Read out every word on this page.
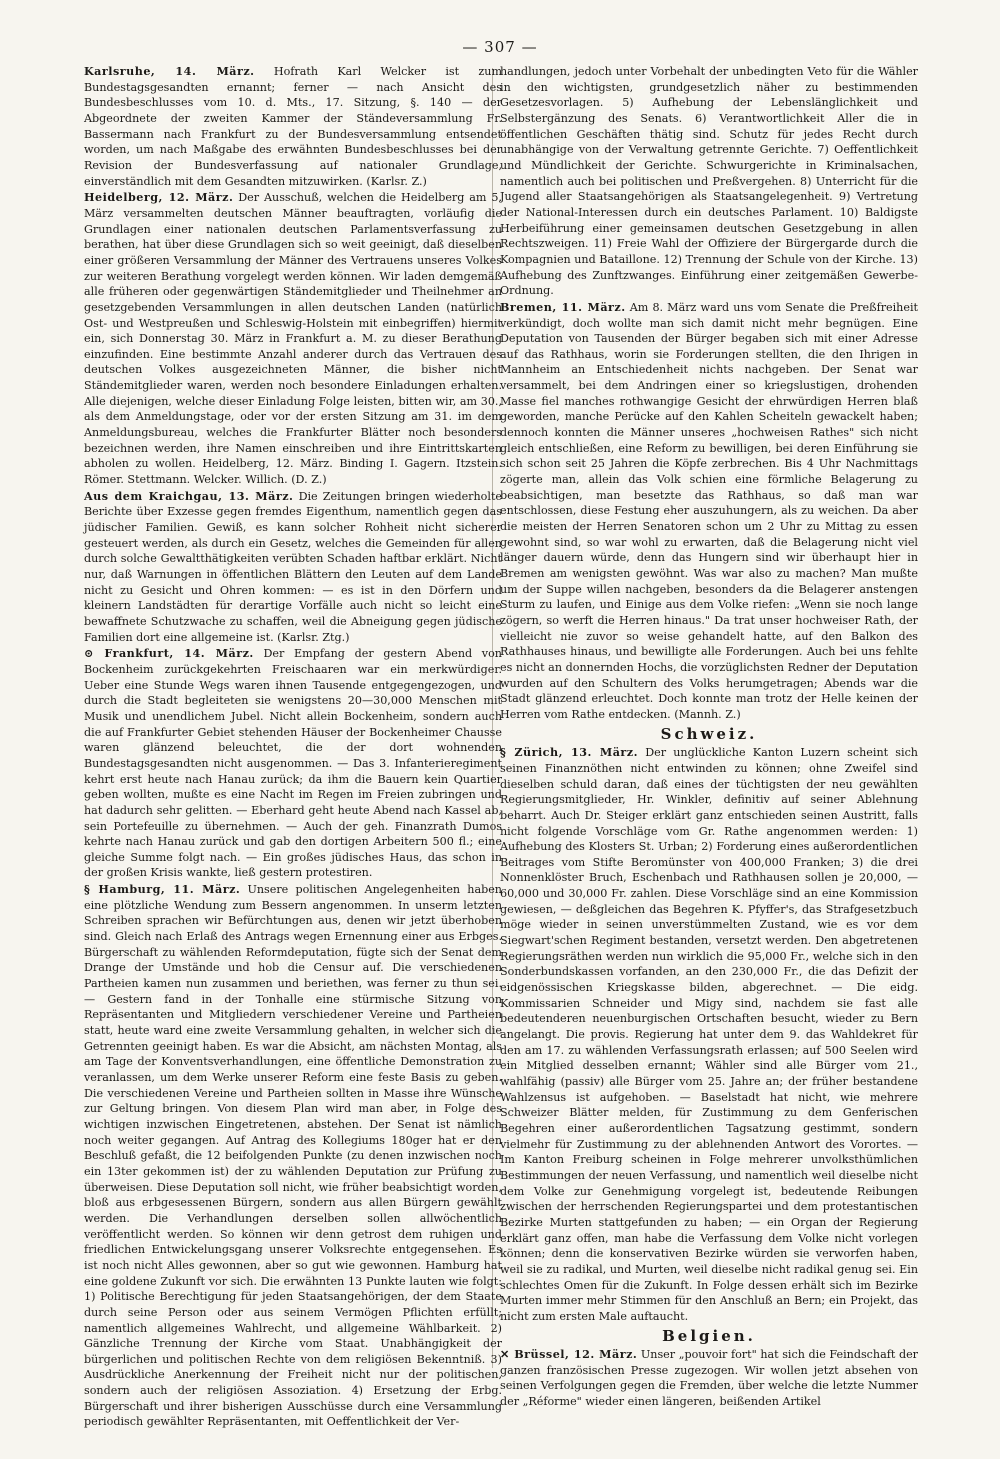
— 307 —

Karlsruhe, 14. März. Hofrath Karl Welcker ist zum Bundestagsgesandten ernannt; ferner — nach Ansicht des Bundesbeschlusses vom 10. d. Mts., 17. Sitzung, §. 140 — der Abgeordnete der zweiten Kammer der Ständeversammlung Fr. Bassermann nach Frankfurt zu der Bundesversammlung entsendet worden, um nach Maßgabe des erwähnten Bundesbeschlusses bei der Revision der Bundesverfassung auf nationaler Grundlage, einverständlich mit dem Gesandten mitzuwirken. (Karlsr. Z.)

Heidelberg, 12. März. Der Ausschuß, welchen die Heidelberg am 5. März versammelten deutschen Männer beauftragten, vorläufig die Grundlagen einer nationalen deutschen Parlamentsverfassung zu berathen, hat über diese Grundlagen sich so weit geeinigt, daß dieselben einer größeren Versammlung der Männer des Vertrauens unseres Volkes zur weiteren Berathung vorgelegt werden können. Wir laden demgemäß alle früheren oder gegenwärtigen Ständemitglieder und Theilnehmer an gesetzgebenden Versammlungen in allen deutschen Landen (natürlich Ost- und Westpreußen und Schleswig-Holstein mit einbegriffen) hiermit ein, sich Donnerstag 30. März in Frankfurt a. M. zu dieser Berathung einzufinden. Eine bestimmte Anzahl anderer durch das Vertrauen des deutschen Volkes ausgezeichneten Männer, die bisher nicht Ständemitglieder waren, werden noch besondere Einladungen erhalten. Alle diejenigen, welche dieser Einladung Folge leisten, bitten wir, am 30., als dem Anmeldungstage, oder vor der ersten Sitzung am 31. im dem Anmeldungsbureau, welches die Frankfurter Blätter noch besonders bezeichnen werden, ihre Namen einschreiben und ihre Eintrittskarten abholen zu wollen. Heidelberg, 12. März. Binding I. Gagern. Itzstein. Römer. Stettmann. Welcker. Willich. (D. Z.)

Aus dem Kraichgau, 13. März. Die Zeitungen bringen wiederholte Berichte über Exzesse gegen fremdes Eigenthum, namentlich gegen das jüdischer Familien. Gewiß, es kann solcher Rohheit nicht sicherer gesteuert werden, als durch ein Gesetz, welches die Gemeinden für allen durch solche Gewaltthätigkeiten verübten Schaden haftbar erklärt. Nicht nur, daß Warnungen in öffentlichen Blättern den Leuten auf dem Lande nicht zu Gesicht und Ohren kommen: — es ist in den Dörfern und kleinern Landstädten für derartige Vorfälle auch nicht so leicht eine bewaffnete Schutzwache zu schaffen, weil die Abneigung gegen jüdische Familien dort eine allgemeine ist. (Karlsr. Ztg.)

⊙ Frankfurt, 14. März. Der Empfang der gestern Abend von Bockenheim zurückgekehrten Freischaaren war ein merkwürdiger. Ueber eine Stunde Wegs waren ihnen Tausende entgegengezogen, und durch die Stadt begleiteten sie wenigstens 20—30,000 Menschen mit Musik und unendlichem Jubel. Nicht allein Bockenheim, sondern auch die auf Frankfurter Gebiet stehenden Häuser der Bockenheimer Chausse waren glänzend beleuchtet, die der dort wohnenden Bundestagsgesandten nicht ausgenommen. — Das 3. Infanterieregiment kehrt erst heute nach Hanau zurück; da ihm die Bauern kein Quartier geben wollten, mußte es eine Nacht im Regen im Freien zubringen und hat dadurch sehr gelitten. — Eberhard geht heute Abend nach Kassel ab, sein Portefeuille zu übernehmen. — Auch der geh. Finanzrath Dumos kehrte nach Hanau zurück und gab den dortigen Arbeitern 500 fl.; eine gleiche Summe folgt nach. — Ein großes jüdisches Haus, das schon in der großen Krisis wankte, ließ gestern protestiren.

§ Hamburg, 11. März. Unsere politischen Angelegenheiten haben eine plötzliche Wendung zum Bessern angenommen. In unserm letzten Schreiben sprachen wir Befürchtungen aus, denen wir jetzt überhoben sind. Gleich nach Erlaß des Antrags wegen Ernennung einer aus Erbges. Bürgerschaft zu wählenden Reformdeputation, fügte sich der Senat dem Drange der Umstände und hob die Censur auf. Die verschiedenen Partheien kamen nun zusammen und beriethen, was ferner zu thun sei. — Gestern fand in der Tonhalle eine stürmische Sitzung von Repräsentanten und Mitgliedern verschiedener Vereine und Partheien statt, heute ward eine zweite Versammlung gehalten, in welcher sich die Getrennten geeinigt haben. Es war die Absicht, am nächsten Montag, als am Tage der Konventsverhandlungen, eine öffentliche Demonstration zu veranlassen, um dem Werke unserer Reform eine feste Basis zu geben. Die verschiedenen Vereine und Partheien sollten in Masse ihre Wünsche zur Geltung bringen. Von diesem Plan wird man aber, in Folge des wichtigen inzwischen Eingetretenen, abstehen. Der Senat ist nämlich noch weiter gegangen. Auf Antrag des Kollegiums 180ger hat er den Beschluß gefaßt, die 12 beifolgenden Punkte (zu denen inzwischen noch ein 13ter gekommen ist) der zu wählenden Deputation zur Prüfung zu überweisen. Diese Deputation soll nicht, wie früher beabsichtigt worden, bloß aus erbgesessenen Bürgern, sondern aus allen Bürgern gewählt werden. Die Verhandlungen derselben sollen allwöchentlich veröffentlicht werden. So können wir denn getrost dem ruhigen und friedlichen Entwickelungsgang unserer Volksrechte entgegensehen. Es ist noch nicht Alles gewonnen, aber so gut wie gewonnen. Hamburg hat eine goldene Zukunft vor sich. Die erwähnten 13 Punkte lauten wie folgt: 1) Politische Berechtigung für jeden Staatsangehörigen, der dem Staate durch seine Person oder aus seinem Vermögen Pflichten erfüllt; namentlich allgemeines Wahlrecht, und allgemeine Wählbarkeit. 2) Gänzliche Trennung der Kirche vom Staat. Unabhängigkeit der bürgerlichen und politischen Rechte von dem religiösen Bekenntniß. 3) Ausdrückliche Anerkennung der Freiheit nicht nur der politischen, sondern auch der religiösen Assoziation. 4) Ersetzung der Erbg. Bürgerschaft und ihrer bisherigen Ausschüsse durch eine Versammlung periodisch gewählter Repräsentanten, mit Oeffentlichkeit der Ver-

handlungen, jedoch unter Vorbehalt der unbedingten Veto für die Wähler in den wichtigsten, grundgesetzlich näher zu bestimmenden Gesetzesvorlagen. 5) Aufhebung der Lebenslänglichkeit und Selbstergänzung des Senats. 6) Verantwortlichkeit Aller die in öffentlichen Geschäften thätig sind. Schutz für jedes Recht durch unabhängige von der Verwaltung getrennte Gerichte. 7) Oeffentlichkeit und Mündlichkeit der Gerichte. Schwurgerichte in Kriminalsachen, namentlich auch bei politischen und Preßvergehen. 8) Unterricht für die Jugend aller Staatsangehörigen als Staatsangelegenheit. 9) Vertretung der National-Interessen durch ein deutsches Parlament. 10) Baldigste Herbeiführung einer gemeinsamen deutschen Gesetzgebung in allen Rechtszweigen. 11) Freie Wahl der Offiziere der Bürgergarde durch die Kompagnien und Bataillone. 12) Trennung der Schule von der Kirche. 13) Aufhebung des Zunftzwanges. Einführung einer zeitgemäßen Gewerbe-Ordnung.

Bremen, 11. März. Am 8. März ward uns vom Senate die Preßfreiheit verkündigt, doch wollte man sich damit nicht mehr begnügen. Eine Deputation von Tausenden der Bürger begaben sich mit einer Adresse auf das Rathhaus, worin sie Forderungen stellten, die den Ihrigen in Mannheim an Entschiedenheit nichts nachgeben. Der Senat war versammelt, bei dem Andringen einer so kriegslustigen, drohenden Masse fiel manches rothwangige Gesicht der ehrwürdigen Herren blaß geworden, manche Perücke auf den Kahlen Scheiteln gewackelt haben; dennoch konnten die Männer unseres „hochweisen Rathes" sich nicht gleich entschließen, eine Reform zu bewilligen, bei deren Einführung sie sich schon seit 25 Jahren die Köpfe zerbrechen. Bis 4 Uhr Nachmittags zögerte man, allein das Volk schien eine förmliche Belagerung zu beabsichtigen, man besetzte das Rathhaus, so daß man war entschlossen, diese Festung eher auszuhungern, als zu weichen. Da aber die meisten der Herren Senatoren schon um 2 Uhr zu Mittag zu essen gewohnt sind, so war wohl zu erwarten, daß die Belagerung nicht viel länger dauern würde, denn das Hungern sind wir überhaupt hier in Bremen am wenigsten gewöhnt. Was war also zu machen? Man mußte um der Suppe willen nachgeben, besonders da die Belagerer anstengen Sturm zu laufen, und Einige aus dem Volke riefen: „Wenn sie noch lange zögern, so werft die Herren hinaus." Da trat unser hochweiser Rath, der vielleicht nie zuvor so weise gehandelt hatte, auf den Balkon des Rathhauses hinaus, und bewilligte alle Forderungen. Auch bei uns fehlte es nicht an donnernden Hochs, die vorzüglichsten Redner der Deputation wurden auf den Schultern des Volks herumgetragen; Abends war die Stadt glänzend erleuchtet. Doch konnte man trotz der Helle keinen der Herren vom Rathe entdecken. (Mannh. Z.)

Schweiz.

§ Zürich, 13. März. Der unglückliche Kanton Luzern scheint sich seinen Finanznöthen nicht entwinden zu können; ohne Zweifel sind dieselben schuld daran, daß eines der tüchtigsten der neu gewählten Regierungsmitglieder, Hr. Winkler, definitiv auf seiner Ablehnung beharrt. Auch Dr. Steiger erklärt ganz entschieden seinen Austritt, falls nicht folgende Vorschläge vom Gr. Rathe angenommen werden: 1) Aufhebung des Klosters St. Urban; 2) Forderung eines außerordentlichen Beitrages vom Stifte Beromünster von 400,000 Franken; 3) die drei Nonnenklöster Bruch, Eschenbach und Rathhausen sollen je 20,000, — 60,000 und 30,000 Fr. zahlen. Diese Vorschläge sind an eine Kommission gewiesen, — deßgleichen das Begehren K. Pfyffer's, das Strafgesetzbuch möge wieder in seinen unverstümmelten Zustand, wie es vor dem Siegwart'schen Regiment bestanden, versetzt werden. Den abgetretenen Regierungsräthen werden nun wirklich die 95,000 Fr., welche sich in den Sonderbundskassen vorfanden, an den 230,000 Fr., die das Defizit der eidgenössischen Kriegskasse bilden, abgerechnet. — Die eidg. Kommissarien Schneider und Migy sind, nachdem sie fast alle bedeutenderen neuenburgischen Ortschaften besucht, wieder zu Bern angelangt. Die provis. Regierung hat unter dem 9. das Wahldekret für den am 17. zu wählenden Verfassungsrath erlassen; auf 500 Seelen wird ein Mitglied desselben ernannt; Wähler sind alle Bürger vom 21., wahlfähig (passiv) alle Bürger vom 25. Jahre an; der früher bestandene Wahlzensus ist aufgehoben. — Baselstadt hat nicht, wie mehrere Schweizer Blätter melden, für Zustimmung zu dem Genferischen Begehren einer außerordentlichen Tagsatzung gestimmt, sondern vielmehr für Zustimmung zu der ablehnenden Antwort des Vorortes. — Im Kanton Freiburg scheinen in Folge mehrerer unvolksthümlichen Bestimmungen der neuen Verfassung, und namentlich weil dieselbe nicht dem Volke zur Genehmigung vorgelegt ist, bedeutende Reibungen zwischen der herrschenden Regierungspartei und dem protestantischen Bezirke Murten stattgefunden zu haben; — ein Organ der Regierung erklärt ganz offen, man habe die Verfassung dem Volke nicht vorlegen können; denn die konservativen Bezirke würden sie verworfen haben, weil sie zu radikal, und Murten, weil dieselbe nicht radikal genug sei. Ein schlechtes Omen für die Zukunft. In Folge dessen erhält sich im Bezirke Murten immer mehr Stimmen für den Anschluß an Bern; ein Projekt, das nicht zum ersten Male auftaucht.

Belgien.

✕ Brüssel, 12. März. Unser „pouvoir fort" hat sich die Feindschaft der ganzen französischen Presse zugezogen. Wir wollen jetzt absehen von seinen Verfolgungen gegen die Fremden, über welche die letzte Nummer der „Réforme" wieder einen längeren, beißenden Artikel
